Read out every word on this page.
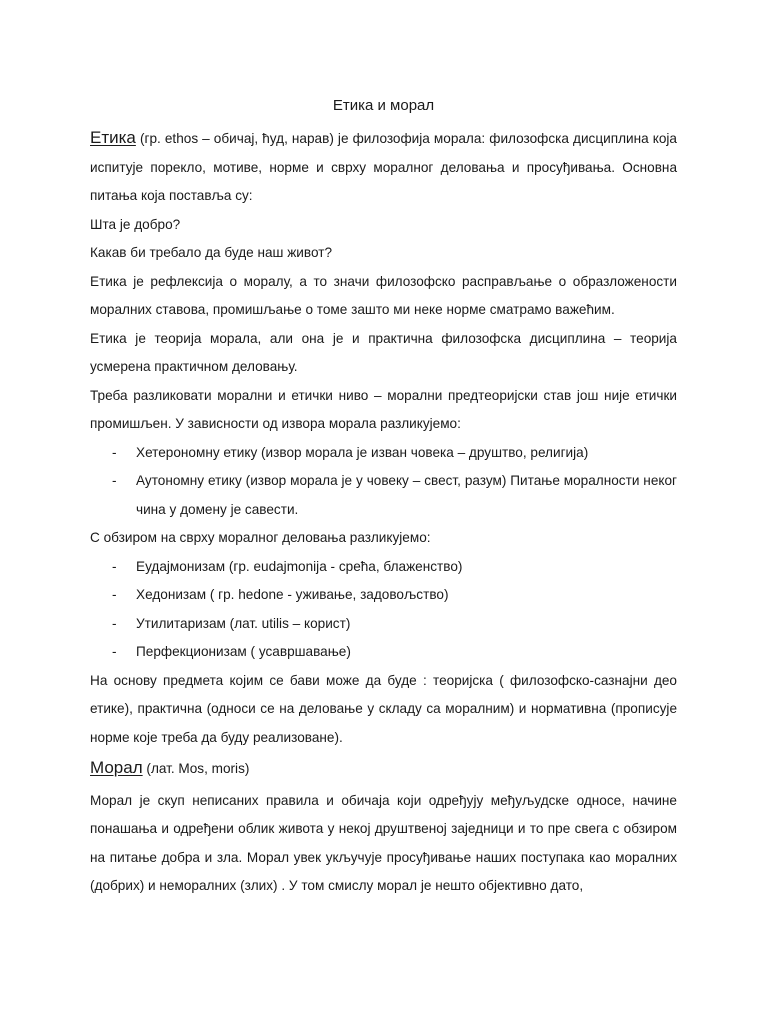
Етика и морал

Етика (гр. ethos – обичај, ћуд, нарав) је филозофија морала: филозофска дисциплина која испитује порекло, мотиве, норме и сврху моралног деловања и просуђивања. Основна питања која поставља су:

Шта је добро?

Какав би требало да буде наш живот?

Етика је рефлексија о моралу, а то значи филозофско расправљање о образложености моралних ставова, промишљање о томе зашто ми неке норме сматрамо важећим.

Етика је теорија морала, али она је и практична филозофска дисциплина – теорија усмерена практичном деловању.

Треба разликовати морални и етички ниво – морални предтеоријски став још није етички промишљен. У зависности од извора морала разликујемо:

- Хетерономну етику (извор морала је изван човека – друштво, религија)
- Аутономну етику (извор морала је у човеку – свест, разум) Питање моралности неког чина у домену је савести.

С обзиром на сврху моралног деловања разликујемо:

- Еудајмонизам (гр. eudajmonija - срећа, блаженство)
- Хедонизам ( гр. hedone - уживање, задовољство)
- Утилитаризам (лат. utilis – корист)
- Перфекционизам ( усавршавање)

На основу предмета којим се бави може да буде : теоријска ( филозофско-сазнајни део етике), практична (односи се на деловање у складу са моралним) и нормативна (прописује норме које треба да буду реализоване).

Морал (лат. Mos, moris)

Морал је скуп неписаних правила и обичаја који одређују међуљудске односе, начине понашања и одређени облик живота у некој друштвеној заједници и то пре свега с обзиром на питање добра и зла. Морал увек укључује просуђивање наших поступака као моралних (добрих) и неморалних (злих) . У том смислу морал је нешто објективно дато,
